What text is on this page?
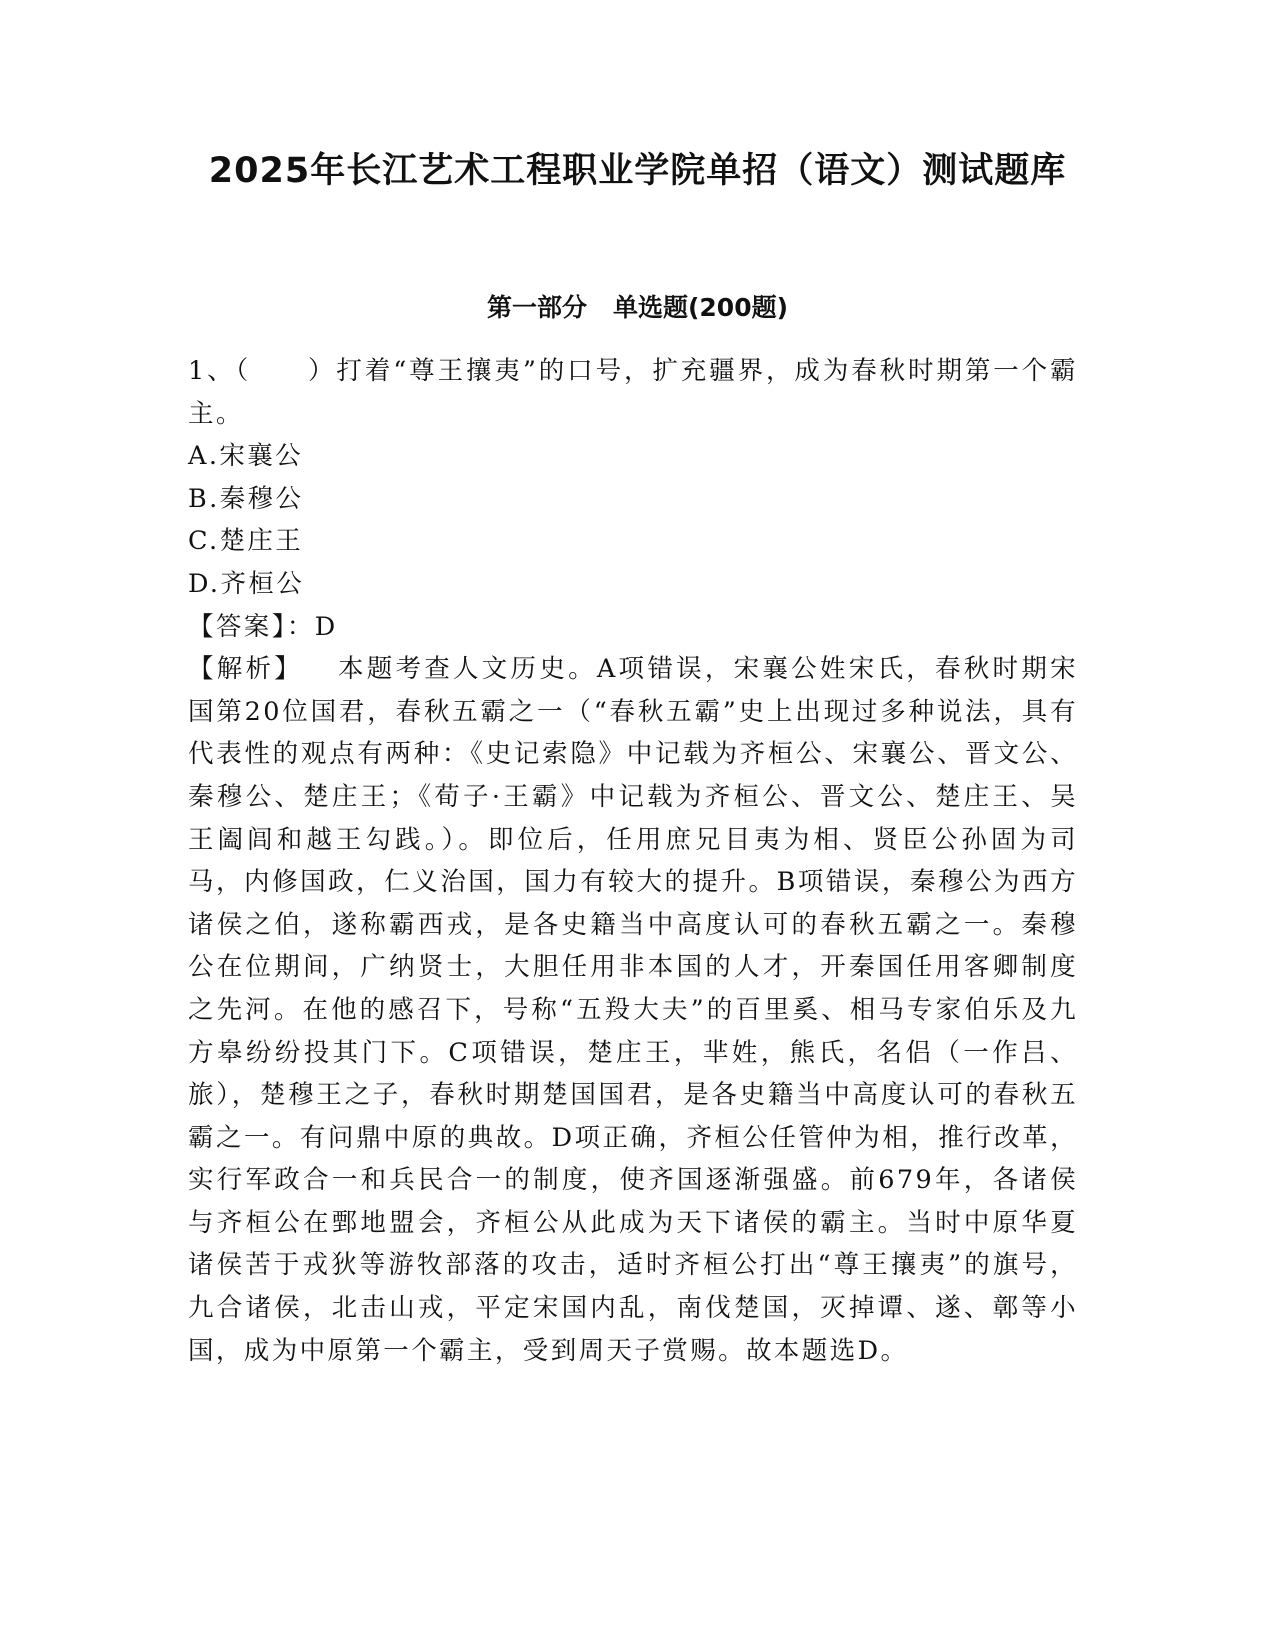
2025年长江艺术工程职业学院单招（语文）测试题库
第一部分 单选题(200题)

1、（　　）打着“尊王攘夷”的口号，扩充疆界，成为春秋时期第一个霸主。

A.宋襄公

B.秦穆公

C.楚庄王

D.齐桓公

【答案】：D

【解析】 本题考查人文历史。A项错误，宋襄公姓宋氏，春秋时期宋国第20位国君，春秋五霸之一（“春秋五霸”史上出现过多种说法，具有代表性的观点有两种：《史记索隐》中记载为齐桓公、宋襄公、晋文公、秦穆公、楚庄王；《荀子·王霸》中记载为齐桓公、晋文公、楚庄王、吴王阖闾和越王勾践。）。即位后，任用庶兄目夷为相、贤臣公孙固为司马，内修国政，仁义治国，国力有较大的提升。B项错误，秦穆公为西方诸侯之伯，遂称霸西戎，是各史籍当中高度认可的春秋五霸之一。秦穆公在位期间，广纳贤士，大胆任用非本国的人才，开秦国任用客卿制度之先河。在他的感召下，号称“五羖大夫”的百里奚、相马专家伯乐及九方皋纷纷投其门下。C项错误，楚庄王，芈姓，熊氏，名侣（一作吕、旅），楚穆王之子，春秋时期楚国国君，是各史籍当中高度认可的春秋五霸之一。有问鼎中原的典故。D项正确，齐桓公任管仲为相，推行改革，实行军政合一和兵民合一的制度，使齐国逐渐强盛。前679年，各诸侯与齐桓公在鄄地盟会，齐桓公从此成为天下诸侯的霸主。当时中原华夏诸侯苦于戎狄等游牧部落的攻击，适时齐桓公打出“尊王攘夷”的旗号，九合诸侯，北击山戎，平定宋国内乱，南伐楚国，灭掉谭、遂、鄣等小国，成为中原第一个霸主，受到周天子赏赐。故本题选D。
